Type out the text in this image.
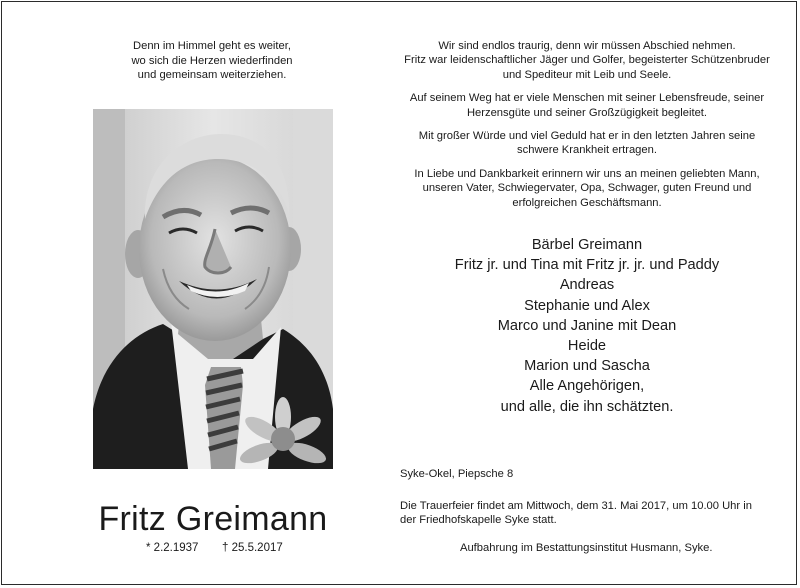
Denn im Himmel geht es weiter,
wo sich die Herzen wiederfinden
und gemeinsam weiterziehen.
Fritz Greimann
* 2.2.1937 † 25.5.2017
Wir sind endlos traurig, denn wir müssen Abschied nehmen.
Fritz war leidenschaftlicher Jäger und Golfer, begeisterter Schützenbruder
und Spediteur mit Leib und Seele.
Auf seinem Weg hat er viele Menschen mit seiner Lebensfreude, seiner
Herzensgüte und seiner Großzügigkeit begleitet.
Mit großer Würde und viel Geduld hat er in den letzten Jahren seine
schwere Krankheit ertragen.
In Liebe und Dankbarkeit erinnern wir uns an meinen geliebten Mann,
unseren Vater, Schwiegervater, Opa, Schwager, guten Freund und
erfolgreichen Geschäftsmann.
Bärbel Greimann
Fritz jr. und Tina mit Fritz jr. jr. und Paddy
Andreas
Stephanie und Alex
Marco und Janine mit Dean
Heide
Marion und Sascha
Alle Angehörigen,
und alle, die ihn schätzten.
Syke-Okel, Piepsche 8
Die Trauerfeier findet am Mittwoch, dem 31. Mai 2017, um 10.00 Uhr in
der Friedhofskapelle Syke statt.
Aufbahrung im Bestattungsinstitut Husmann, Syke.
